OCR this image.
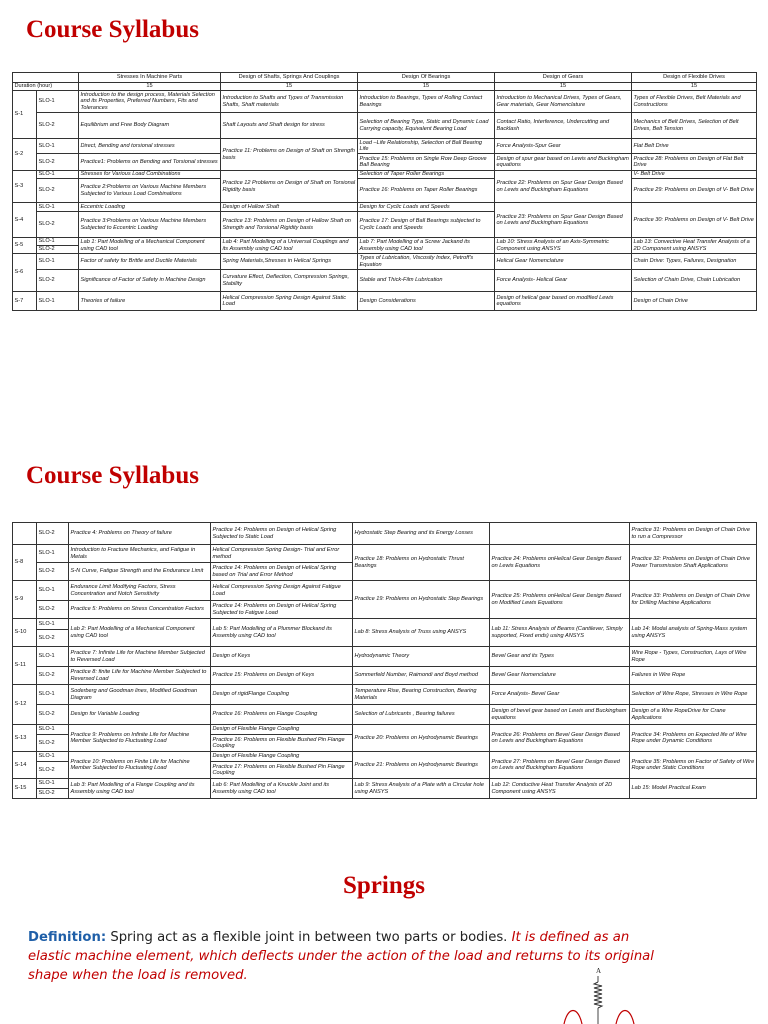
Course Syllabus
		Stresses In Machine Parts	Design of Shafts, Springs And Couplings	Design Of Bearings	Design of Gears	Design of Flexible Drives
Duration (hour)		15	15	15	15	15
S-1	SLO-1	Introduction to the design process, Materials Selection and its Properties, Preferred Numbers, Fits and Tolerances	Introduction to Shafts and Types of Transmission Shafts, Shaft materials	Introduction to Bearings, Types of Rolling Contact Bearings	Introduction to Mechanical Drives, Types of Gears, Gear materials, Gear Nomenclature	Types of Flexible Drives, Belt Materials and Constructions
	SLO-2	Equilibrium and Free Body Diagram	Shaft Layouts and Shaft design for stress	Selection of Bearing Type, Static and Dynamic Load Carrying capacity, Equivalent Bearing Load	Contact Ratio, Interference, Undercutting and Backlash	Mechanics of Belt Drives, Selection of Belt Drives, Belt Tension
S-2	SLO-1	Direct, Bending and torsional stresses	Practice 11: Problems on Design of Shaft on Strength basis	Load –Life Relationship, Selection of Ball Bearing Life	Force Analysis-Spur Gear	Flat Belt Drive
	SLO-2	Practice1: Problems on Bending and Torsional stresses		Practice 15: Problems on Single Row Deep Groove Ball Bearing	Design of spur gear based on Lewis and Buckingham equations	Practice 28: Problems on Design of Flat Belt Drive
S-3	SLO-1	Stresses for Various Load Combinations	Practice 12 Problems on Design of Shaft on Torsional Rigidity basis	Selection of Taper Roller Bearings	Practice 22: Problems on Spur Gear Design Based on Lewis and Buckingham Equations	V- Belt Drive
	SLO-2	Practice 2:Problems on Various Machine Members Subjected to Various Load Combinations		Practice 16: Problems on Taper Roller Bearings		Practice 29: Problems on Design of V- Belt Drive
S-4	SLO-1	Eccentric Loading	Design of Hallow Shaft	Design for Cyclic Loads and Speeds	Practice 23: Problems on Spur Gear Design Based on Lewis and Buckingham Equations	Practice 30: Problems on Design of V- Belt Drive
	SLO-2	Practice 3:Problems on Various Machine Members Subjected to Eccentric Loading	Practice 13: Problems on Design of Hallow Shaft on Strength and Torsional Rigidity basis	Practice 17: Design of Ball Bearings subjected to Cyclic Loads and Speeds		
S-5	SLO-1	Lab 1: Part Modelling of a Mechanical Component using CAD tool	Lab 4: Part Modelling of a Universal Couplings and its Assembly using CAD tool	Lab 7: Part Modelling of a Screw Jackand its Assembly using CAD tool	Lab 10: Stress Analysis of an Axis-Symmetric Component using ANSYS	Lab 13: Convective Heat Transfer Analysis of a 2D Component using ANSYS
	SLO-2					
S-6	SLO-1	Factor of safety for Brittle and Ductile Materials	Spring Materials,Stresses in Helical Springs	Types of Lubrication, Viscosity Index, Petroff's Equation	Helical Gear Nomenclature	Chain Drive: Types, Failures, Designation
	SLO-2	Significance of Factor of Safety in Machine Design	Curvature Effect, Deflection, Compression Springs, Stability	Stable and Thick-Film Lubrication	Force Analysis- Helical Gear	Selection of Chain Drive, Chain Lubrication
S-7	SLO-1	Theories of failure	Helical Compression Spring Design Against Static Load	Design Considerations	Design of helical gear based on modified Lewis equations	Design of Chain Drive
Course Syllabus
	SLO-2	Practice 4: Problems on Theory of failure	Practice 14: Problems on Design of Helical Spring Subjected to Static Load	Hydrostatic Step Bearing and its Energy Losses		Practice 31: Problems on Design of Chain Drive to run a Compressor
S-8	SLO-1	Introduction to Fracture Mechanics, and Fatigue in Metals	Helical Compression Spring Design- Trial and Error method	Practice 18: Problems on Hydrostatic Thrust Bearings	Practice 24: Problems onHelical Gear Design Based on Lewis Equations	Practice 32: Problems on Design of Chain Drive Power Transmission Shaft Applications
	SLO-2	S-N Curve, Fatigue Strength and the Endurance Limit	Practice 14: Problems on Design of Helical Spring based on Trial and Error Method			
S-9	SLO-1	Endurance Limit Modifying Factors, Stress Concentration and Notch Sensitivity	Helical Compression Spring Design Against Fatigue Load	Practice 19: Problems on Hydrostatic Step Bearings	Practice 25: Problems onHelical Gear Design Based on Modified Lewis Equations	Practice 33: Problems on Design of Chain Drive for Drilling Machine Applications
	SLO-2	Practice 5: Problems on Stress Concentration Factors	Practice 14: Problems on Design of Helical Spring Subjected to Fatigue Load			
S-10	SLO-1	Lab 2: Part Modelling of a Mechanical Component using CAD tool	Lab 5: Part Modelling of a Plummer Blockand its Assembly using CAD tool	Lab 8: Stress Analysis of Truss using ANSYS	Lab 11: Stress Analysis of Beams (Cantilever, Simply supported, Fixed ends) using ANSYS	Lab 14: Modal analysis of Spring-Mass system using ANSYS
	SLO-2					
S-11	SLO-1	Practice 7: Infinite Life for Machine Member Subjected to Reversed Load	Design of Keys	Hydrodynamic Theory	Bevel Gear and its Types	Wire Rope - Types, Construction, Lays of Wire Rope
	SLO-2	Practice 8: finite Life for Machine Member Subjected to Reversed Load	Practice 15: Problems on Design of Keys	Sommerfeld Number, Raimondi and Boyd method	Bevel Gear Nomenclature	Failures in Wire Rope
S-12	SLO-1	Soderberg and Goodman lines, Modified Goodman Diagram	Design of rigidFlange Coupling	Temperature Rise, Bearing Construction, Bearing Materials	Force Analysis- Bevel Gear	Selection of Wire Rope, Stresses in Wire Rope
	SLO-2	Design for Variable Loading	Practice 16: Problems on Flange Coupling	Selection of Lubricants , Bearing failures	Design of bevel gear based on Lewis and Buckingham equations	Design of a Wire RopeDrive for Crane Applications
S-13	SLO-1	Practice 9: Problems on Infinite Life for Machine Member Subjected to Fluctuating Load	Design of Flexible Flange Coupling	Practice 20: Problems on Hydrodynamic Bearings	Practice 26: Problems on Bevel Gear Design Based on Lewis and Buckingham Equations	Practice 34: Problems on Expected life of Wire Rope under Dynamic Conditions
	SLO-2		Practice 16: Problems on Flexible Bushed Pin Flange Coupling			
S-14	SLO-1	Practice 10: Problems on Finite Life for Machine Member Subjected to Fluctuating Load	Design of Flexible Flange Coupling	Practice 21: Problems on Hydrodynamic Bearings	Practice 27: Problems on Bevel Gear Design Based on Lewis and Buckingham Equations	Practice 35: Problems on Factor of Safety of Wire Rope under Static Conditions
	SLO-2		Practice 17: Problems on Flexible Bushed Pin Flange Coupling			
S-15	SLO-1	Lab 3: Part Modelling of a Flange Coupling and its Assembly using CAD tool	Lab 6: Part Modelling of a Knuckle Joint and its Assembly using CAD tool	Lab 9: Stress Analysis of a Plate with a Circular hole using ANSYS	Lab 12: Conductive Heat Transfer Analysis of 2D Component using ANSYS	Lab 15: Model Practical Exam
	SLO-2					
Springs

Definition: Spring act as a flexible joint in between two parts or bodies. It is defined as an elastic machine element, which deflects under the action of the load and returns to its original shape when the load is removed.	A
